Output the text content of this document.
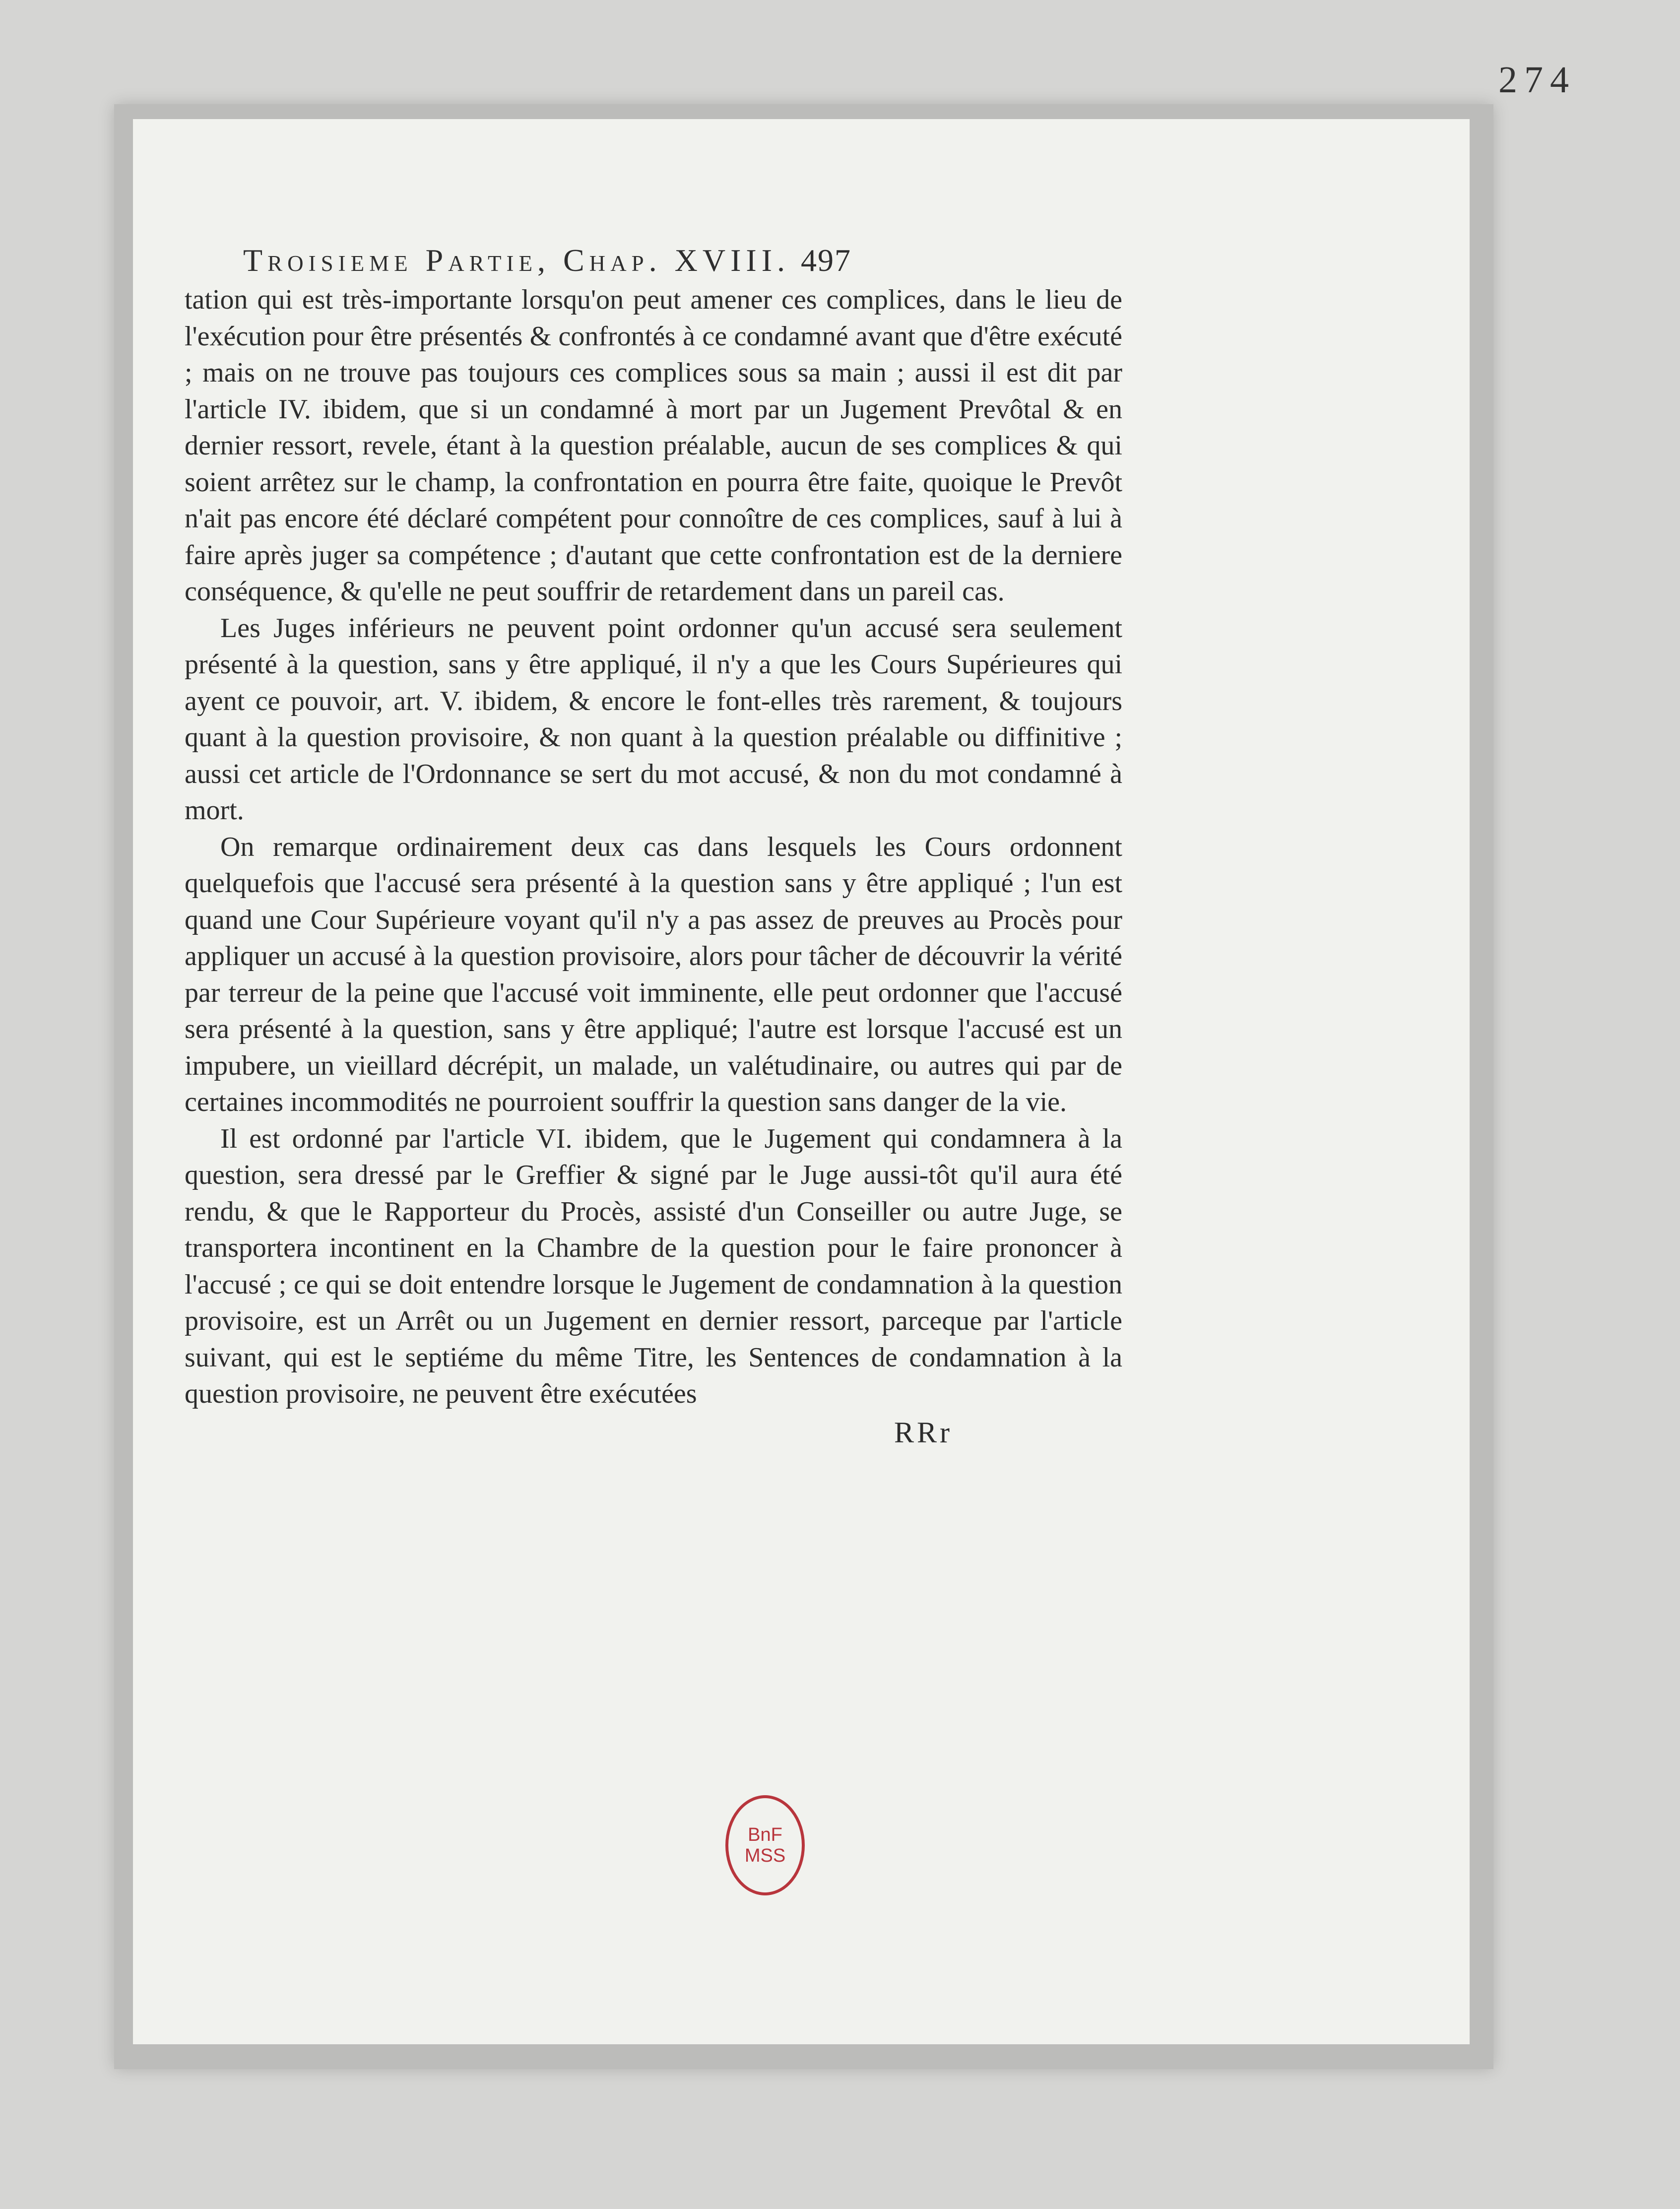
274
Troisieme Partie, Chap. XVIII. 497

tation qui est très-importante lorsqu'on peut amener ces complices, dans le lieu de l'exécution pour être présentés & confrontés à ce condamné avant que d'être exécuté ; mais on ne trouve pas toujours ces complices sous sa main ; aussi il est dit par l'article IV. ibidem, que si un condamné à mort par un Jugement Prevôtal & en dernier ressort, revele, étant à la question préalable, aucun de ses complices & qui soient arrêtez sur le champ, la confrontation en pourra être faite, quoique le Prevôt n'ait pas encore été déclaré compétent pour connoître de ces complices, sauf à lui à faire après juger sa compétence ; d'autant que cette confrontation est de la derniere conséquence, & qu'elle ne peut souffrir de retardement dans un pareil cas.

Les Juges inférieurs ne peuvent point ordonner qu'un accusé sera seulement présenté à la question, sans y être appliqué, il n'y a que les Cours Supérieures qui ayent ce pouvoir, art. V. ibidem, & encore le font-elles très rarement, & toujours quant à la question provisoire, & non quant à la question préalable ou diffinitive ; aussi cet article de l'Ordonnance se sert du mot accusé, & non du mot condamné à mort.

On remarque ordinairement deux cas dans lesquels les Cours ordonnent quelquefois que l'accusé sera présenté à la question sans y être appliqué ; l'un est quand une Cour Supérieure voyant qu'il n'y a pas assez de preuves au Procès pour appliquer un accusé à la question provisoire, alors pour tâcher de découvrir la vérité par terreur de la peine que l'accusé voit imminente, elle peut ordonner que l'accusé sera présenté à la question, sans y être appliqué; l'autre est lorsque l'accusé est un impubere, un vieillard décrépit, un malade, un valétudinaire, ou autres qui par de certaines incommodités ne pourroient souffrir la question sans danger de la vie.

Il est ordonné par l'article VI. ibidem, que le Jugement qui condamnera à la question, sera dressé par le Greffier & signé par le Juge aussi-tôt qu'il aura été rendu, & que le Rapporteur du Procès, assisté d'un Conseiller ou autre Juge, se transportera incontinent en la Chambre de la question pour le faire prononcer à l'accusé ; ce qui se doit entendre lorsque le Jugement de condamnation à la question provisoire, est un Arrêt ou un Jugement en dernier ressort, parceque par l'article suivant, qui est le septiéme du même Titre, les Sentences de condamnation à la question provisoire, ne peuvent être exécutées

RRr
BnF
MSS
